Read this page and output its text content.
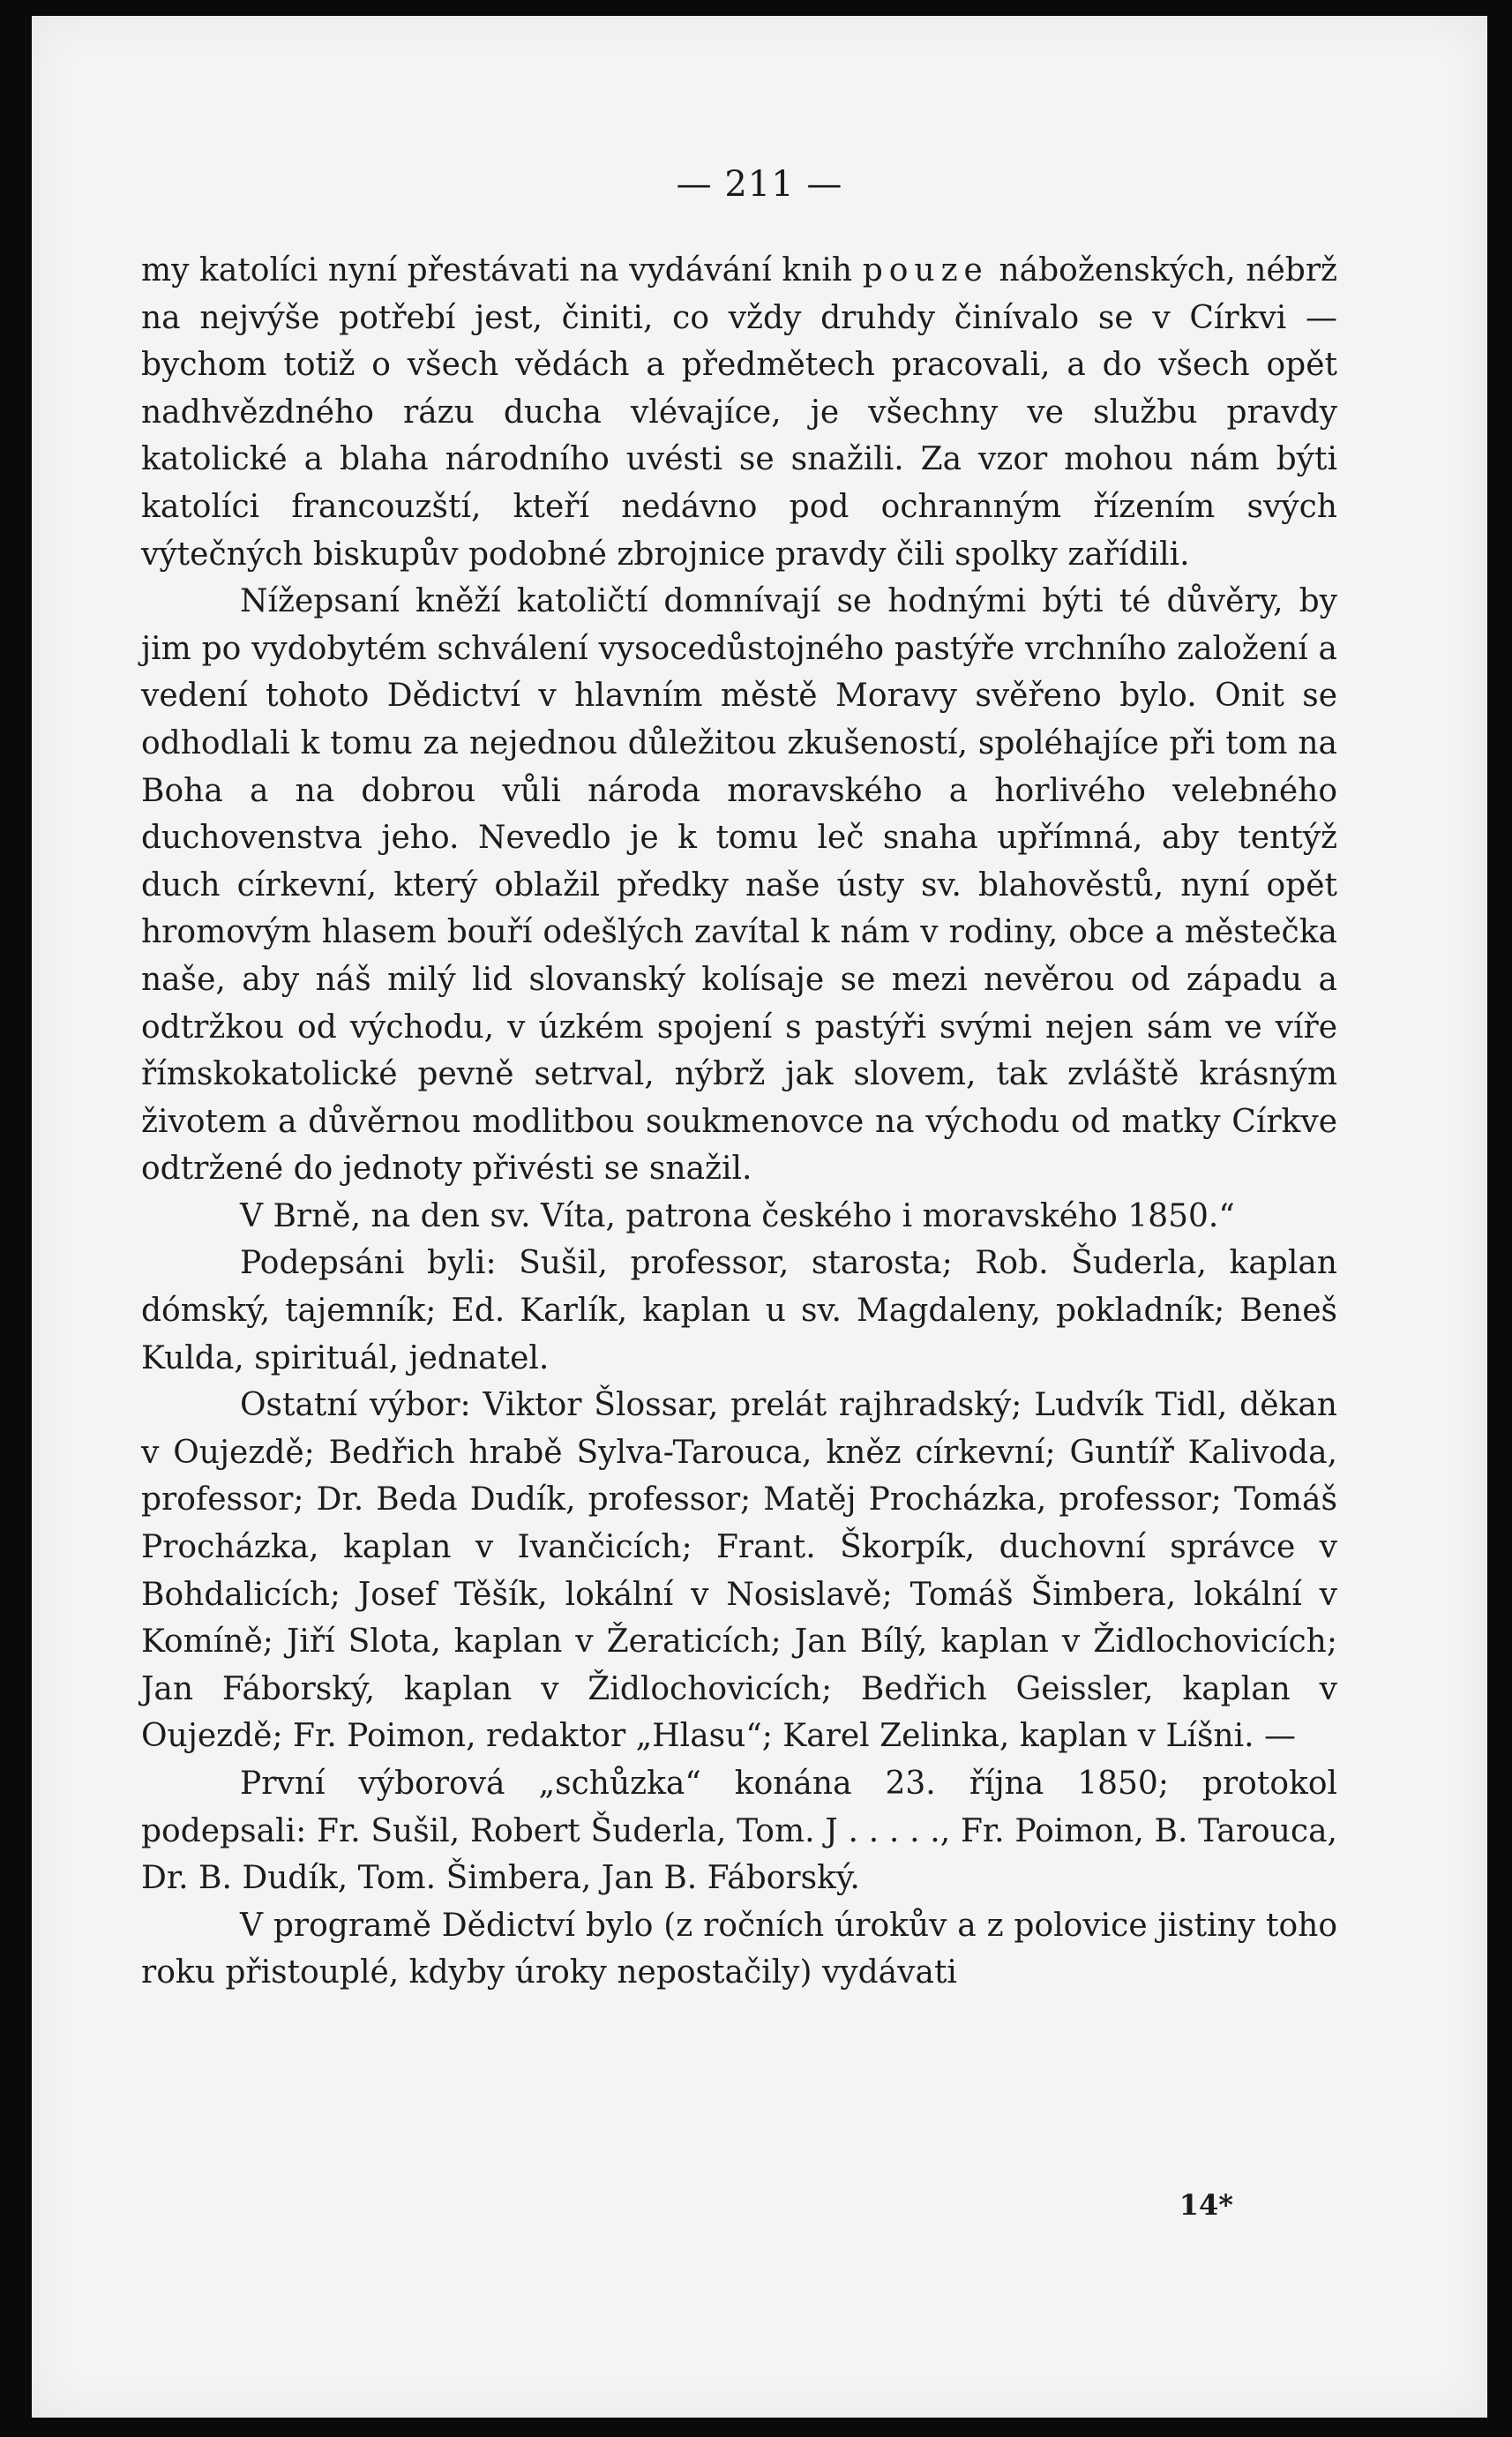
— 211 —

my katolíci nyní přestávati na vydávání knih pouze náboženských, nébrž na nejvýše potřebí jest, činiti, co vždy druhdy činívalo se v Církvi — bychom totiž o všech vědách a předmětech pracovali, a do všech opět nadhvězdného rázu ducha vlévajíce, je všechny ve službu pravdy katolické a blaha národního uvésti se snažili. Za vzor mohou nám býti katolíci francouzští, kteří nedávno pod ochranným řízením svých výtečných biskupův podobné zbrojnice pravdy čili spolky zařídili.

Nížepsaní kněží katoličtí domnívají se hodnými býti té důvěry, by jim po vydobytém schválení vysocedůstojného pastýře vrchního založení a vedení tohoto Dědictví v hlavním městě Moravy svěřeno bylo. Onit se odhodlali k tomu za nejednou důležitou zkušeností, spoléhajíce při tom na Boha a na dobrou vůli národa moravského a horlivého velebného duchovenstva jeho. Nevedlo je k tomu leč snaha upřímná, aby tentýž duch církevní, který oblažil předky naše ústy sv. blahověstů, nyní opět hromovým hlasem bouří odešlých zavítal k nám v rodiny, obce a městečka naše, aby náš milý lid slovanský kolísaje se mezi nevěrou od západu a odtržkou od východu, v úzkém spojení s pastýři svými nejen sám ve víře římskokatolické pevně setrval, nýbrž jak slovem, tak zvláště krásným životem a důvěrnou modlitbou soukmenovce na východu od matky Církve odtržené do jednoty přivésti se snažil.

V Brně, na den sv. Víta, patrona českého i moravského 1850.“

Podepsáni byli: Sušil, professor, starosta; Rob. Šuderla, kaplan dómský, tajemník; Ed. Karlík, kaplan u sv. Magdaleny, pokladník; Beneš Kulda, spirituál, jednatel.

Ostatní výbor: Viktor Šlossar, prelát rajhradský; Ludvík Tidl, děkan v Oujezdě; Bedřich hrabě Sylva-Tarouca, kněz církevní; Guntíř Kalivoda, professor; Dr. Beda Dudík, professor; Matěj Procházka, professor; Tomáš Procházka, kaplan v Ivančicích; Frant. Škorpík, duchovní správce v Bohdalicích; Josef Těšík, lokální v Nosislavě; Tomáš Šimbera, lokální v Komíně; Jiří Slota, kaplan v Žeraticích; Jan Bílý, kaplan v Židlochovicích; Jan Fáborský, kaplan v Židlochovicích; Bedřich Geissler, kaplan v Oujezdě; Fr. Poimon, redaktor „Hlasu“; Karel Zelinka, kaplan v Líšni. —

První výborová „schůzka“ konána 23. října 1850; protokol podepsali: Fr. Sušil, Robert Šuderla, Tom. J . . . . ., Fr. Poimon, B. Tarouca, Dr. B. Dudík, Tom. Šimbera, Jan B. Fáborský.

V programě Dědictví bylo (z ročních úrokův a z polovice jistiny toho roku přistouplé, kdyby úroky nepostačily) vydávati

14*
